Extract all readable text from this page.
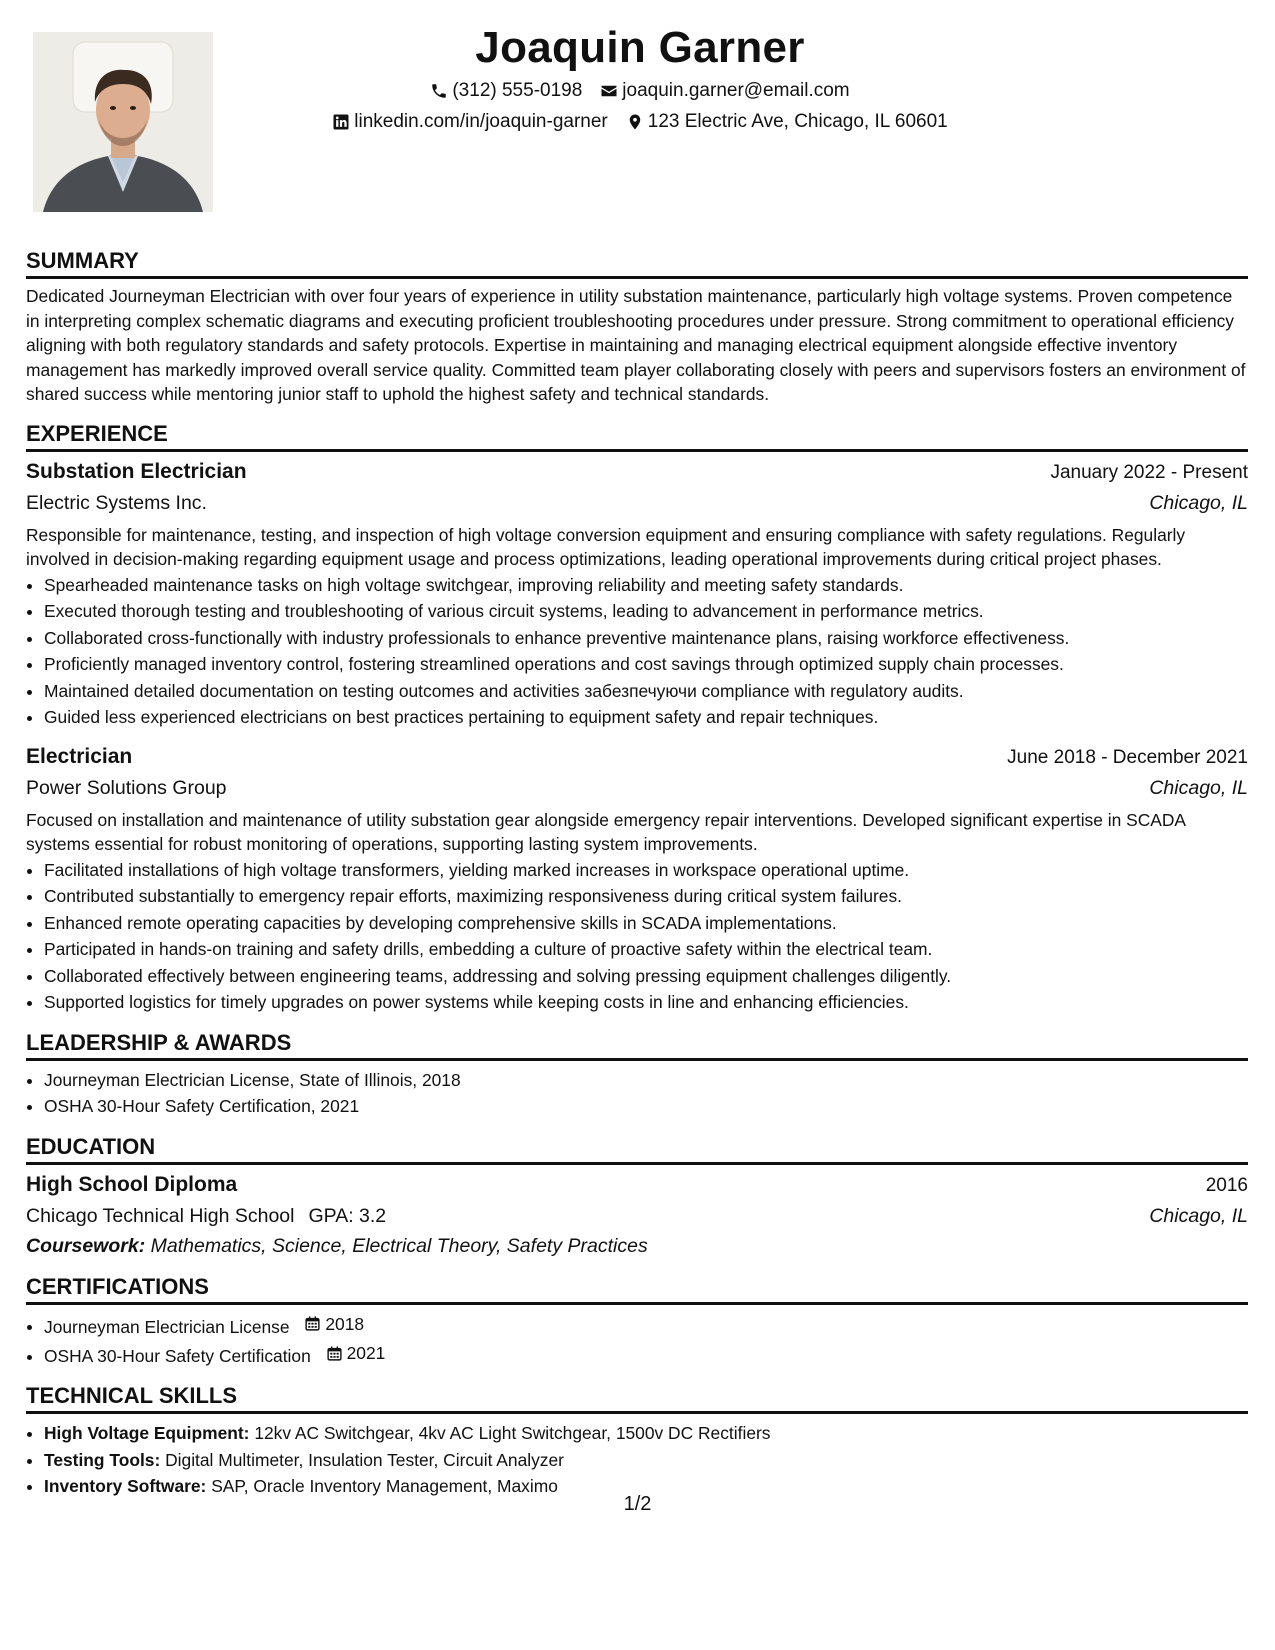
Joaquin Garner
(312) 555-0198 joaquin.garner@email.com
linkedin.com/in/joaquin-garner 123 Electric Ave, Chicago, IL 60601
SUMMARY

Dedicated Journeyman Electrician with over four years of experience in utility substation maintenance, particularly high voltage systems. Proven competence in interpreting complex schematic diagrams and executing proficient troubleshooting procedures under pressure. Strong commitment to operational efficiency aligning with both regulatory standards and safety protocols. Expertise in maintaining and managing electrical equipment alongside effective inventory management has markedly improved overall service quality. Committed team player collaborating closely with peers and supervisors fosters an environment of shared success while mentoring junior staff to uphold the highest safety and technical standards.

EXPERIENCE
Substation Electrician	January 2022 - Present
Electric Systems Inc.	Chicago, IL

Responsible for maintenance, testing, and inspection of high voltage conversion equipment and ensuring compliance with safety regulations. Regularly involved in decision-making regarding equipment usage and process optimizations, leading operational improvements during critical project phases.

• Spearheaded maintenance tasks on high voltage switchgear, improving reliability and meeting safety standards.
• Executed thorough testing and troubleshooting of various circuit systems, leading to advancement in performance metrics.
• Collaborated cross-functionally with industry professionals to enhance preventive maintenance plans, raising workforce effectiveness.
• Proficiently managed inventory control, fostering streamlined operations and cost savings through optimized supply chain processes.
• Maintained detailed documentation on testing outcomes and activities забезпечуючи compliance with regulatory audits.
• Guided less experienced electricians on best practices pertaining to equipment safety and repair techniques.
Electrician	June 2018 - December 2021
Power Solutions Group	Chicago, IL

Focused on installation and maintenance of utility substation gear alongside emergency repair interventions. Developed significant expertise in SCADA systems essential for robust monitoring of operations, supporting lasting system improvements.

• Facilitated installations of high voltage transformers, yielding marked increases in workspace operational uptime.
• Contributed substantially to emergency repair efforts, maximizing responsiveness during critical system failures.
• Enhanced remote operating capacities by developing comprehensive skills in SCADA implementations.
• Participated in hands-on training and safety drills, embedding a culture of proactive safety within the electrical team.
• Collaborated effectively between engineering teams, addressing and solving pressing equipment challenges diligently.
• Supported logistics for timely upgrades on power systems while keeping costs in line and enhancing efficiencies.
LEADERSHIP & AWARDS
• Journeyman Electrician License, State of Illinois, 2018
• OSHA 30-Hour Safety Certification, 2021
EDUCATION
High School Diploma	2016
Chicago Technical High School GPA: 3.2	Chicago, IL
Coursework: Mathematics, Science, Electrical Theory, Safety Practices
CERTIFICATIONS
• Journeyman Electrician License 2018
• OSHA 30-Hour Safety Certification 2021
TECHNICAL SKILLS
• High Voltage Equipment: 12kv AC Switchgear, 4kv AC Light Switchgear, 1500v DC Rectifiers
• Testing Tools: Digital Multimeter, Insulation Tester, Circuit Analyzer
• Inventory Software: SAP, Oracle Inventory Management, Maximo
1/2
